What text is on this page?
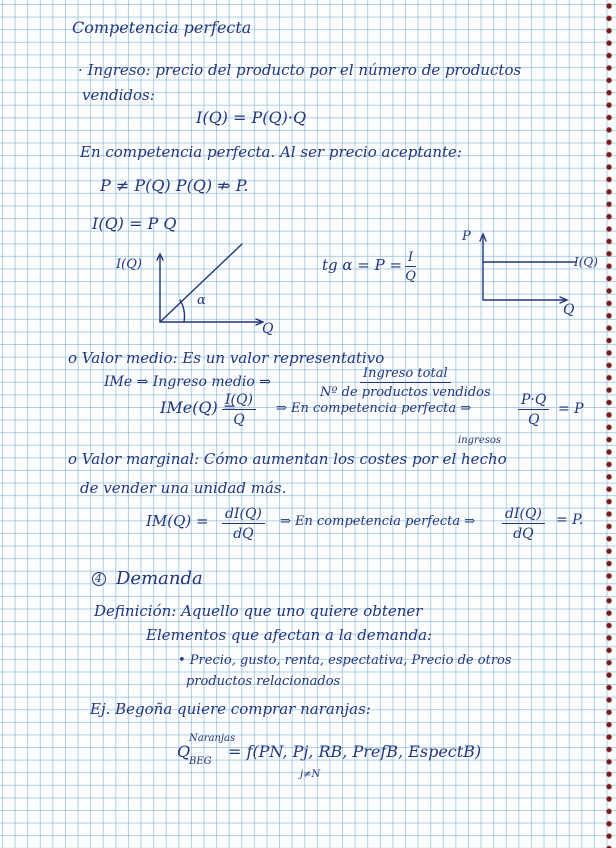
Competencia perfecta
· Ingreso: precio del producto por el número de productos
vendidos:
I(Q) = P(Q)·Q
En competencia perfecta. Al ser precio aceptante:
P ≠ P(Q) P(Q) ⇏ P.
I(Q) = P Q
I(Q)
Q
α
tg $\alpha = P = \frac{I}{Q}$
P
I(Q)
Q
o Valor medio: Es un valor representativo
IMe ⇒ Ingreso medio ⇒
Ingreso total
Nº de productos vendidos
IMe(Q) =
$\frac{I(Q)}{Q}$ ⇒ En competencia perfecta ⇒	$\frac{P\cdot Q}{Q} = P$
o Valor marginal: Cómo aumentan los costes por el hecho
ingresos
de vender una unidad más.
$IM(Q) = \frac{dI(Q)}{dQ}$ ⇒ En competencia perfecta ⇒ $\frac{dI(Q)}{dQ} = P$.
4 Demanda
Definición: Aquello que uno quiere obtener
Elementos que afectan a la demanda:
• Precio, gusto, renta, espectativa, Precio de otros
productos relacionados
Ej. Begoña quiere comprar naranjas:
Q
Naranjas
BEG
= f(PN, Pj, RB, PrefB, EspectB)
j≠N
